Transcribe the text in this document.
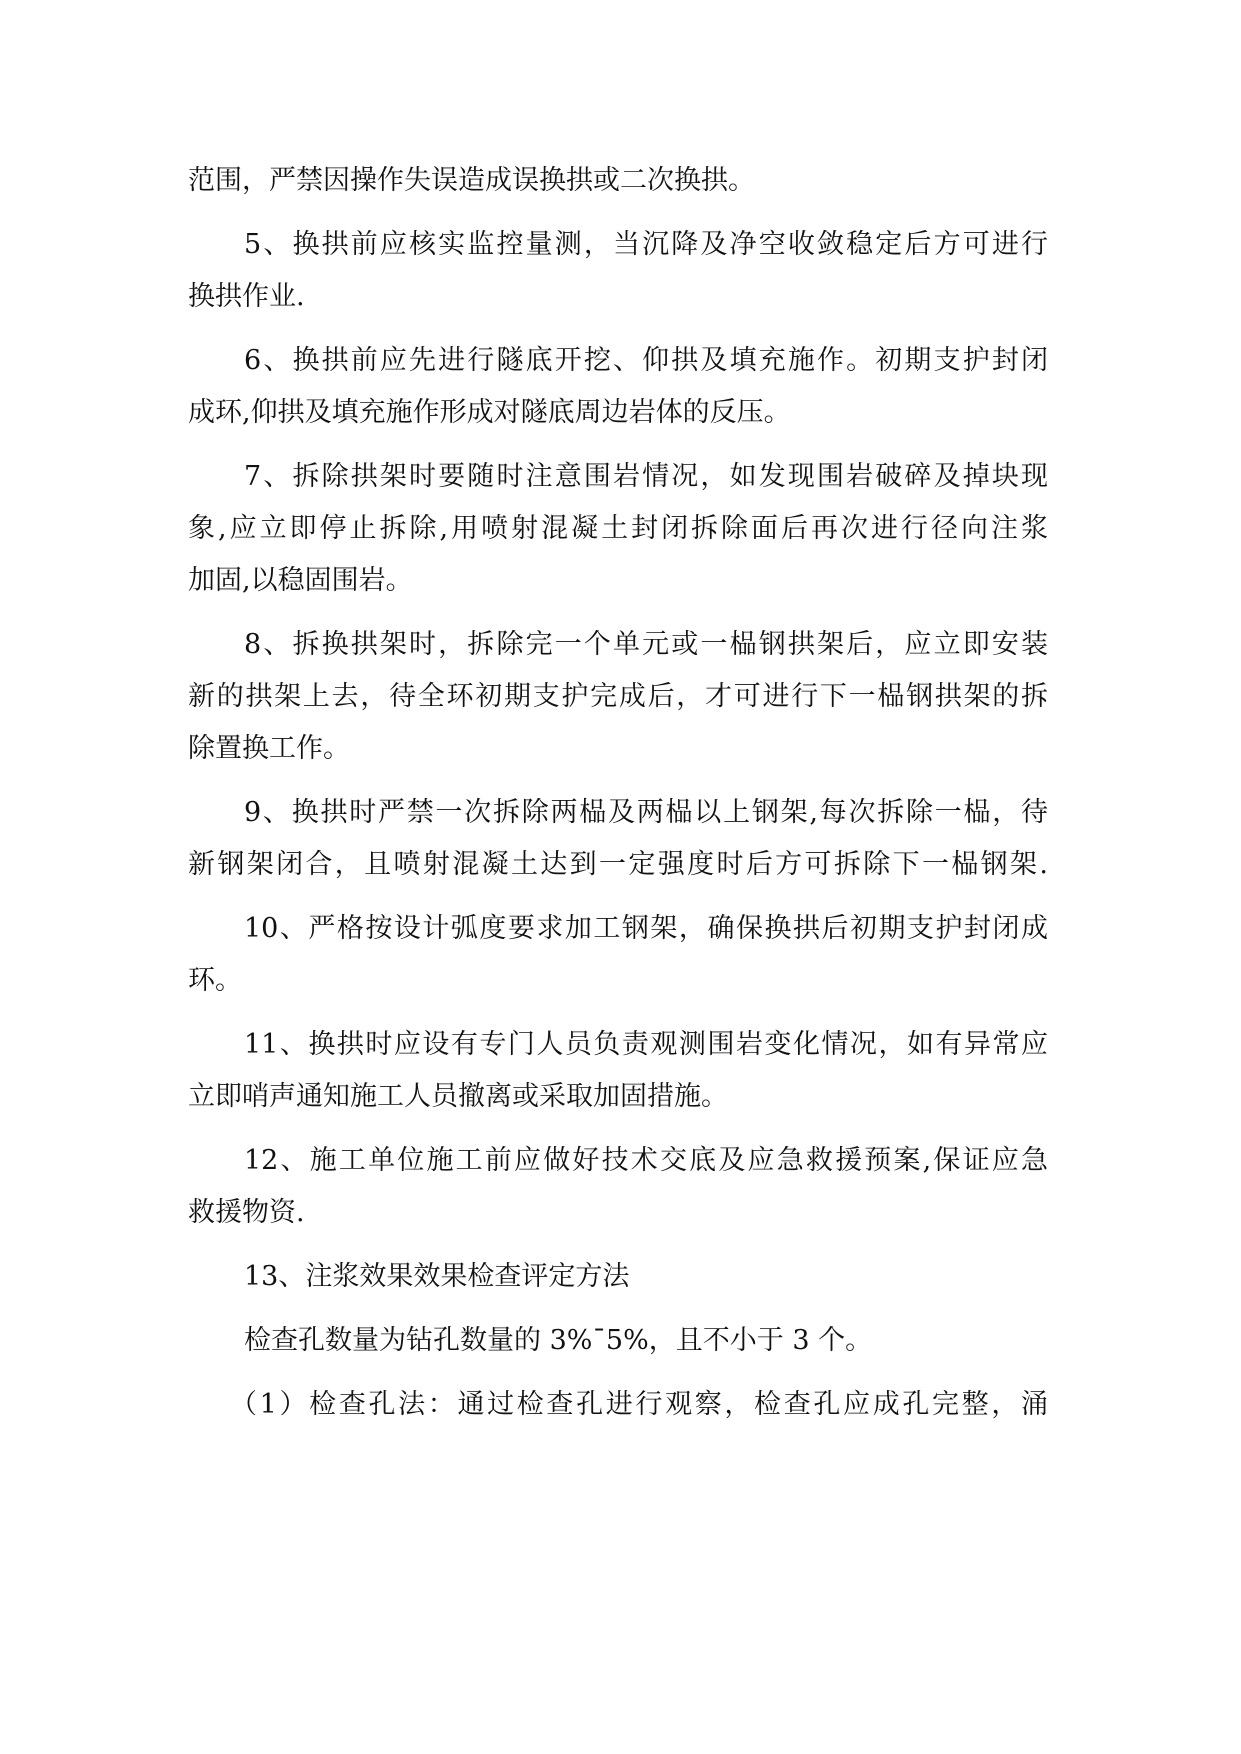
范围，严禁因操作失误造成误换拱或二次换拱。
5、换拱前应核实监控量测，当沉降及净空收敛稳定后方可进行
换拱作业.
6、换拱前应先进行隧底开挖、仰拱及填充施作。初期支护封闭
成环,仰拱及填充施作形成对隧底周边岩体的反压。
7、拆除拱架时要随时注意围岩情况，如发现围岩破碎及掉块现
象,应立即停止拆除,用喷射混凝土封闭拆除面后再次进行径向注浆
加固,以稳固围岩。
8、拆换拱架时，拆除完一个单元或一榀钢拱架后，应立即安装
新的拱架上去，待全环初期支护完成后，才可进行下一榀钢拱架的拆
除置换工作。
9、换拱时严禁一次拆除两榀及两榀以上钢架,每次拆除一榀，待
新钢架闭合，且喷射混凝土达到一定强度时后方可拆除下一榀钢架.
10、严格按设计弧度要求加工钢架，确保换拱后初期支护封闭成
环。
11、换拱时应设有专门人员负责观测围岩变化情况，如有异常应
立即哨声通知施工人员撤离或采取加固措施。
12、施工单位施工前应做好技术交底及应急救援预案,保证应急
救援物资.
13、注浆效果效果检查评定方法
检查孔数量为钻孔数量的 3%¯5%，且不小于 3 个。
（1）检查孔法：通过检查孔进行观察，检查孔应成孔完整，涌
